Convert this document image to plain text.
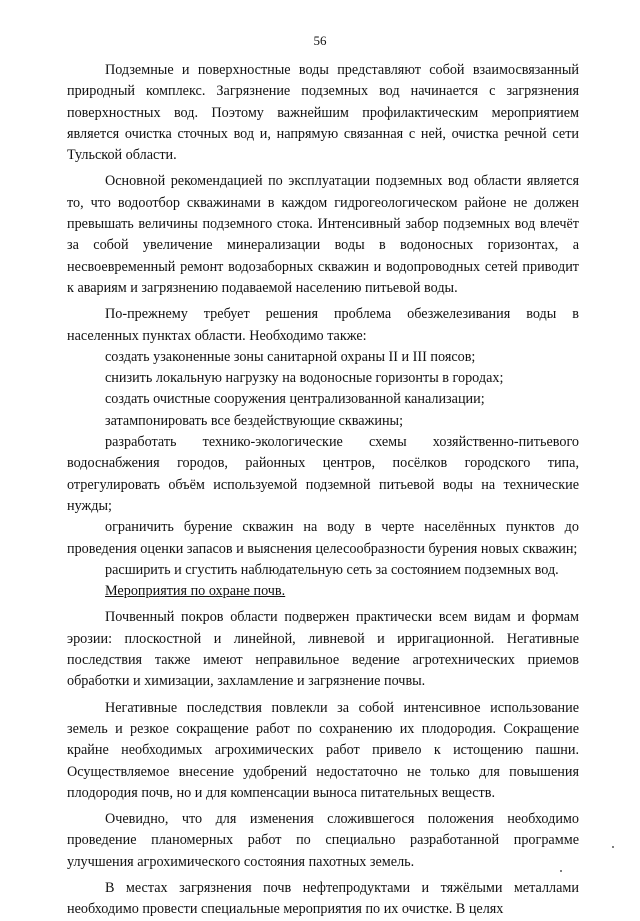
56

Подземные и поверхностные воды представляют собой взаимосвязанный природный комплекс. Загрязнение подземных вод начинается с загрязнения поверхностных вод. Поэтому важнейшим профилактическим мероприятием является очистка сточных вод и, напрямую связанная с ней, очистка речной сети Тульской области.

Основной рекомендацией по эксплуатации подземных вод области является то, что водоотбор скважинами в каждом гидрогеологическом районе не должен превышать величины подземного стока. Интенсивный забор подземных вод влечёт за собой увеличение минерализации воды в водоносных горизонтах, а несвоевременный ремонт водозаборных скважин и водопроводных сетей приводит к авариям и загрязнению подаваемой населению питьевой воды.

По-прежнему требует решения проблема обезжелезивания воды в населенных пунктах области. Необходимо также:

создать узаконенные зоны санитарной охраны II и III поясов;

снизить локальную нагрузку на водоносные горизонты в городах;

создать очистные сооружения централизованной канализации;

затампонировать все бездействующие скважины;

разработать технико-экологические схемы хозяйственно-питьевого водоснабжения городов, районных центров, посёлков городского типа, отрегулировать объём используемой подземной питьевой воды на технические нужды;

ограничить бурение скважин на воду в черте населённых пунктов до проведения оценки запасов и выяснения целесообразности бурения новых скважин;

расширить и сгустить наблюдательную сеть за состоянием подземных вод.

Мероприятия по охране почв.

Почвенный покров области подвержен практически всем видам и формам эрозии: плоскостной и линейной, ливневой и ирригационной. Негативные последствия также имеют неправильное ведение агротехнических приемов обработки и химизации, захламление и загрязнение почвы.

Негативные последствия повлекли за собой интенсивное использование земель и резкое сокращение работ по сохранению их плодородия. Сокращение крайне необходимых агрохимических работ привело к истощению пашни. Осуществляемое внесение удобрений недостаточно не только для повышения плодородия почв, но и для компенсации выноса питательных веществ.

Очевидно, что для изменения сложившегося положения необходимо проведение планомерных работ по специально разработанной программе улучшения агрохимического состояния пахотных земель.

В местах загрязнения почв нефтепродуктами и тяжёлыми металлами необходимо провести специальные мероприятия по их очистке. В целях
